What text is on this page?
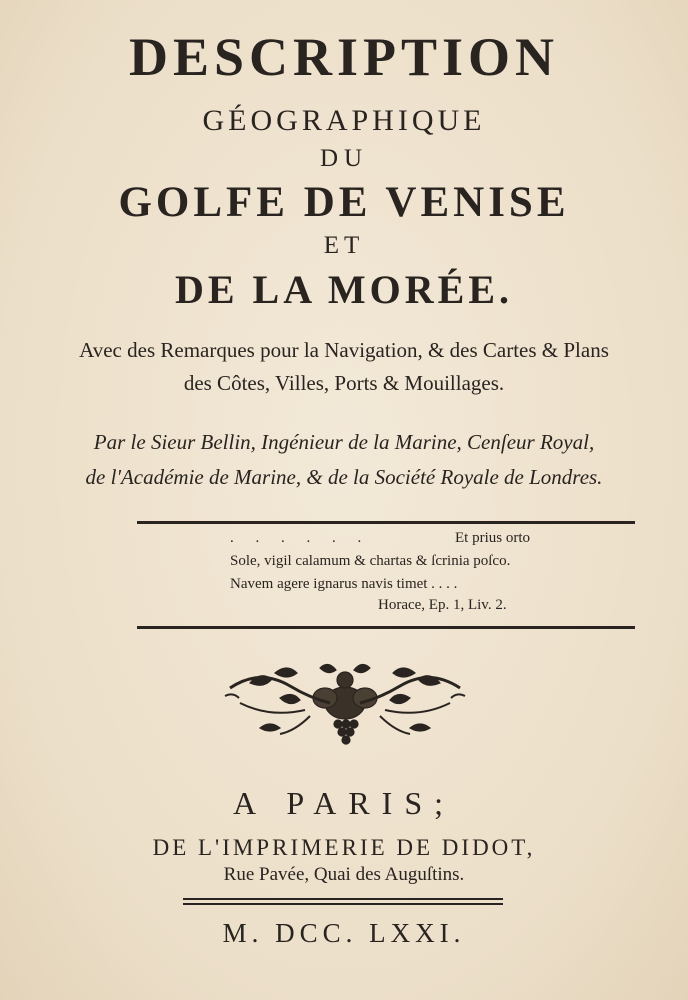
DESCRIPTION
GÉOGRAPHIQUE
DU
GOLFE DE VENISE
ET
DE LA MORÉE.
Avec des Remarques pour la Navigation, & des Cartes & Plans
des Côtes, Villes, Ports & Mouillages.
Par le Sieur Bellin, Ingénieur de la Marine, Cenſeur Royal,
de l'Académie de Marine, & de la Société Royale de Londres.
. . . . . .	Et prius orto
Sole, vigil calamum & chartas & ſcrinia poſco.
Navem agere ignarus navis timet . . . .
Horace, Ep. 1, Liv. 2.
A PARIS;
DE L'IMPRIMERIE DE DIDOT,
Rue Pavée, Quai des Auguſtins.
M. DCC. LXXI.
